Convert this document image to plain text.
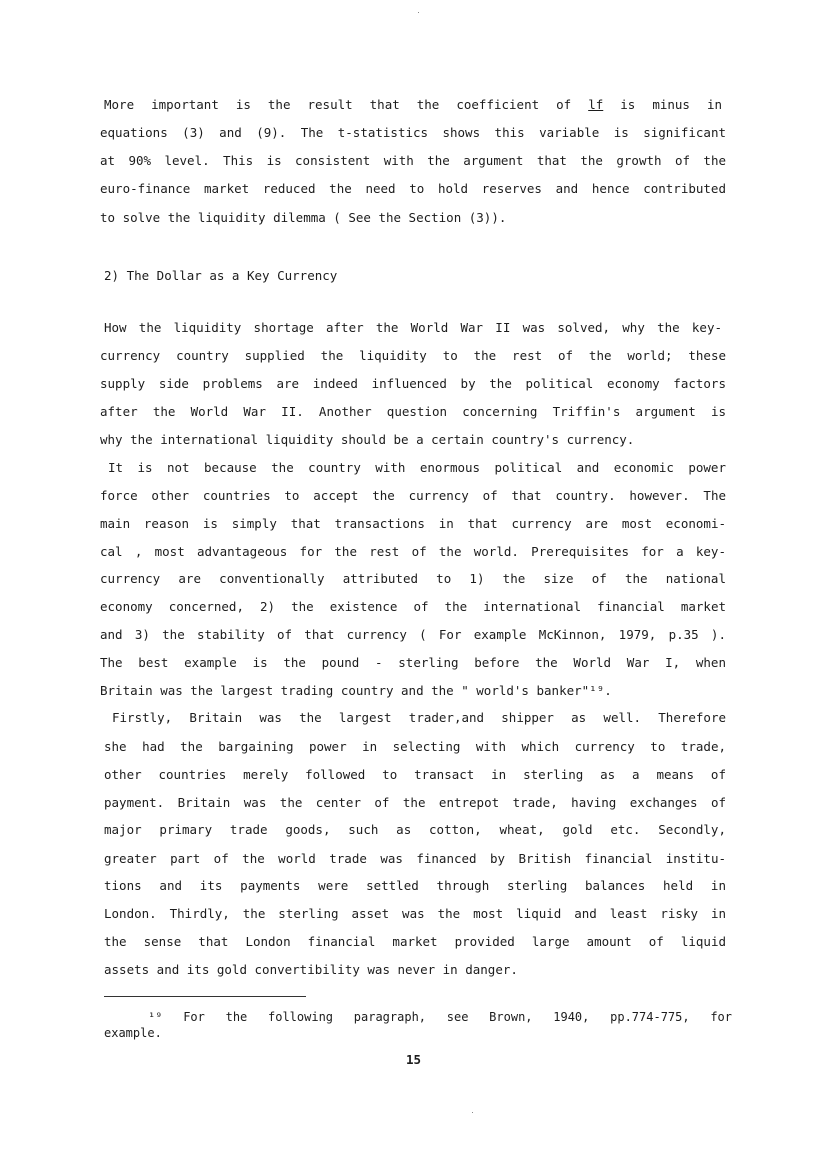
More important is the result that the coefficient of lf is minus in
equations (3) and (9). The t-statistics shows this variable is significant
at 90% level. This is consistent with the argument that the growth of the
euro-finance market reduced the need to hold reserves and hence contributed
to solve the liquidity dilemma ( See the Section (3)).
2) The Dollar as a Key Currency
How the liquidity shortage after the World War II was solved, why the key-
currency country supplied the liquidity to the rest of the world; these
supply side problems are indeed influenced by the political economy factors
after the World War II. Another question concerning Triffin's argument is
why the international liquidity should be a certain country's currency.
It is not because the country with enormous political and economic power
force other countries to accept the currency of that country. however. The
main reason is simply that transactions in that currency are most economi-
cal , most advantageous for the rest of the world. Prerequisites for a key-
currency are conventionally attributed to 1) the size of the national
economy concerned, 2) the existence of the international financial market
and 3) the stability of that currency ( For example McKinnon, 1979, p.35 ).
The best example is the pound - sterling before the World War I, when
Britain was the largest trading country and the " world's banker"¹⁹.
Firstly, Britain was the largest trader,and shipper as well. Therefore
she had the bargaining power in selecting with which currency to trade,
other countries merely followed to transact in sterling as a means of
payment. Britain was the center of the entrepot trade, having exchanges of
major primary trade goods, such as cotton, wheat, gold etc. Secondly,
greater part of the world trade was financed by British financial institu-
tions and its payments were settled through sterling balances held in
London. Thirdly, the sterling asset was the most liquid and least risky in
the sense that London financial market provided large amount of liquid
assets and its gold convertibility was never in danger.
¹⁹ For the following paragraph, see Brown, 1940, pp.774-775, for
example.
15
